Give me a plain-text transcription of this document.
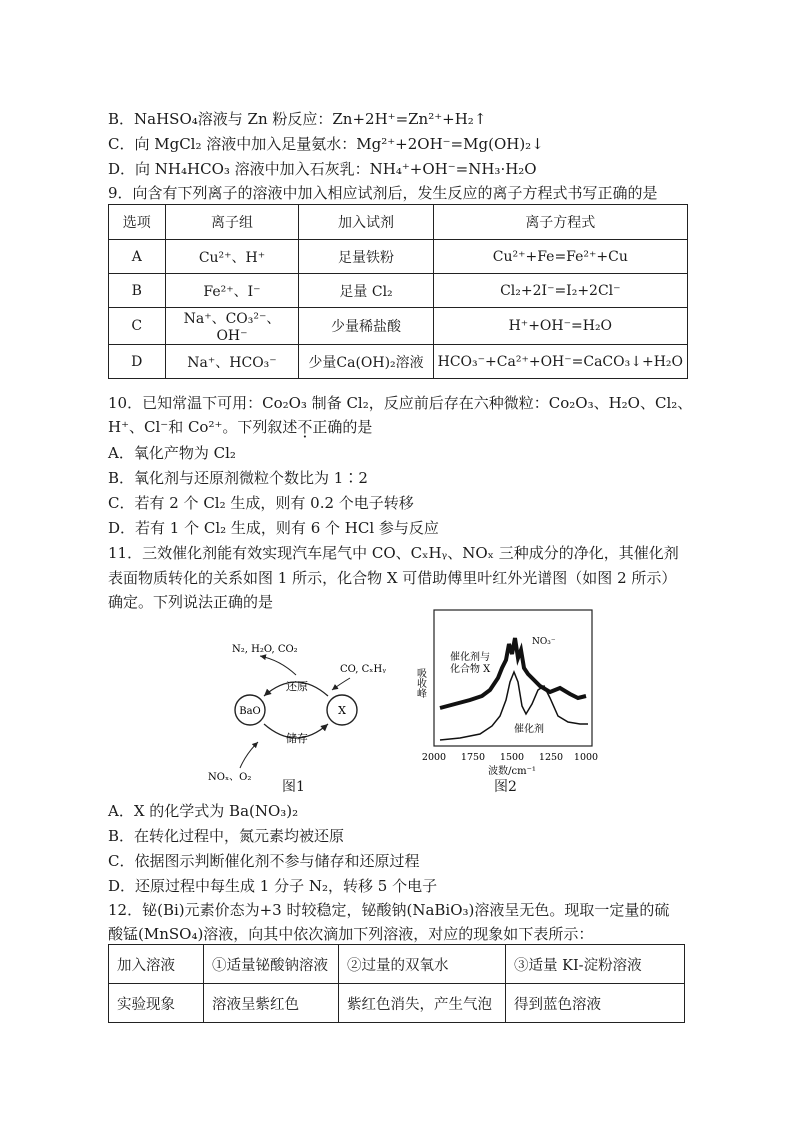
B．NaHSO₄溶液与 Zn 粉反应：Zn+2H⁺=Zn²⁺+H₂↑
C．向 MgCl₂ 溶液中加入足量氨水：Mg²⁺+2OH⁻=Mg(OH)₂↓
D．向 NH₄HCO₃ 溶液中加入石灰乳：NH₄⁺+OH⁻=NH₃·H₂O
9．向含有下列离子的溶液中加入相应试剂后，发生反应的离子方程式书写正确的是
选项	离子组	加入试剂	离子方程式
A	Cu²⁺、H⁺	足量铁粉	Cu²⁺+Fe=Fe²⁺+Cu
B	Fe²⁺、I⁻	足量 Cl₂	Cl₂+2I⁻=I₂+2Cl⁻
C	Na⁺、CO₃²⁻、OH⁻	少量稀盐酸	H⁺+OH⁻=H₂O
D	Na⁺、HCO₃⁻	少量Ca(OH)₂溶液	HCO₃⁻+Ca²⁺+OH⁻=CaCO₃↓+H₂O
10．已知常温下可用：Co₂O₃ 制备 Cl₂，反应前后存在六种微粒：Co₂O₃、H₂O、Cl₂、
H⁺、Cl⁻和 Co²⁺。下列叙述不正确的是
A．氧化产物为 Cl₂
B．氧化剂与还原剂微粒个数比为 1∶2
C．若有 2 个 Cl₂ 生成，则有 0.2 个电子转移
D．若有 1 个 Cl₂ 生成，则有 6 个 HCl 参与反应
11．三效催化剂能有效实现汽车尾气中 CO、CₓHᵧ、NOₓ 三种成分的净化，其催化剂
表面物质转化的关系如图 1 所示，化合物 X 可借助傅里叶红外光谱图（如图 2 所示）
确定。下列说法正确的是
N₂, H₂O, CO₂
CO, CₓHᵧ
BaO	X
还原
储存
NOₓ、O₂
图1
吸收峰
催化剂与
化合物 X
NO₃⁻
催化剂
2000 1750 1500 1250 1000
波数/cm⁻¹
图2
A．X 的化学式为 Ba(NO₃)₂
B．在转化过程中，氮元素均被还原
C．依据图示判断催化剂不参与储存和还原过程
D．还原过程中每生成 1 分子 N₂，转移 5 个电子
12．铋(Bi)元素价态为+3 时较稳定，铋酸钠(NaBiO₃)溶液呈无色。现取一定量的硫
酸锰(MnSO₄)溶液，向其中依次滴加下列溶液，对应的现象如下表所示：
加入溶液	①适量铋酸钠溶液	②过量的双氧水	③适量 KI-淀粉溶液
实验现象	溶液呈紫红色	紫红色消失，产生气泡	得到蓝色溶液
